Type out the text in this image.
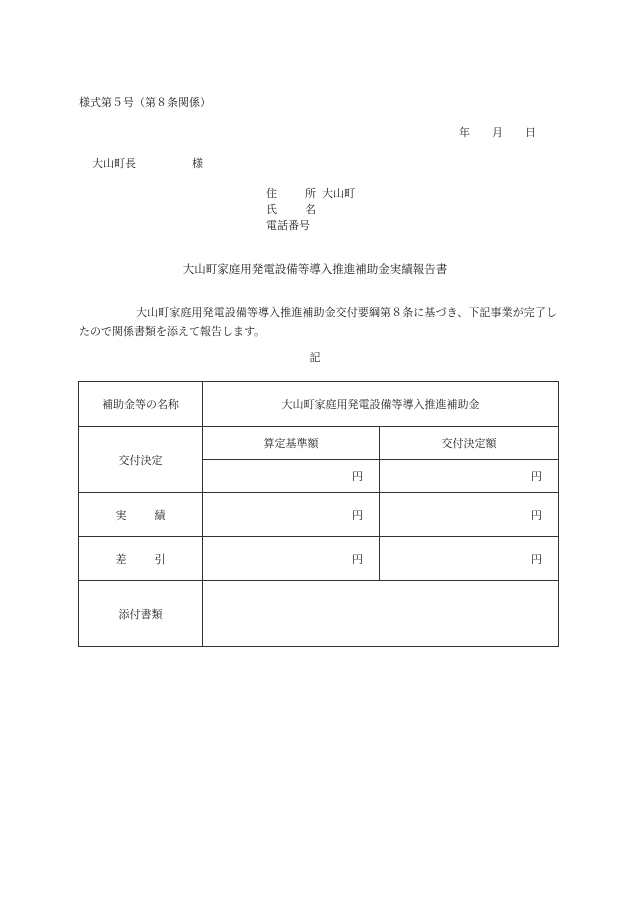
様式第５号（第８条関係）
年 月 日
大山町長	様
住	所 大山町
氏	名
電話番号
大山町家庭用発電設備等導入推進補助金実績報告書
大山町家庭用発電設備等導入推進補助金交付要綱第８条に基づき、下記事業が完了したので関係書類を添えて報告します。
記
補助金等の名称	大山町家庭用発電設備等導入推進補助金	
交付決定	算定基準額	交付決定額
	円	円

実 績	円	円

差 引	円	円
添付書類		
